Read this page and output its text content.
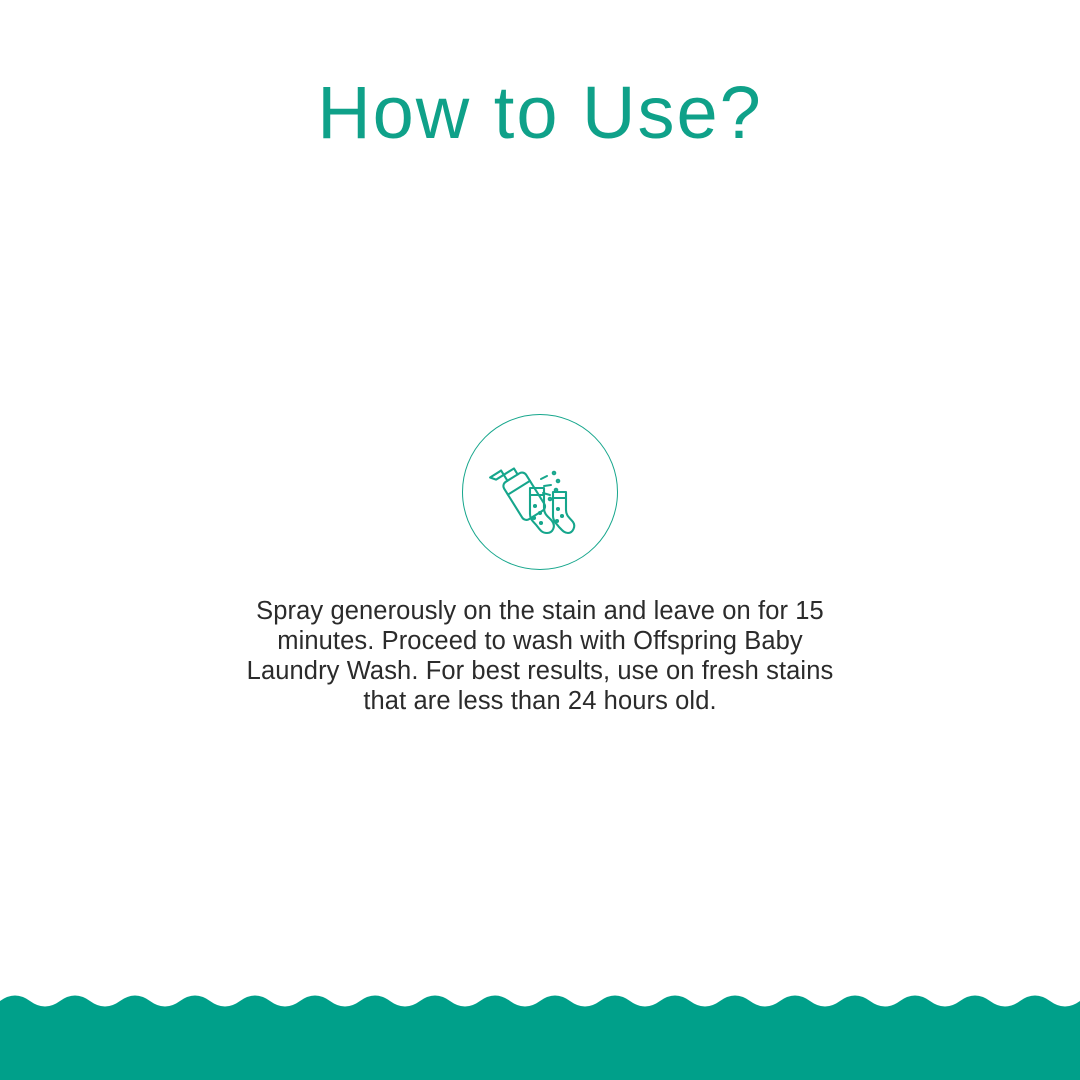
How to Use?
Spray generously on the stain and leave on for 15 minutes. Proceed to wash with Offspring Baby Laundry Wash. For best results, use on fresh stains that are less than 24 hours old.
